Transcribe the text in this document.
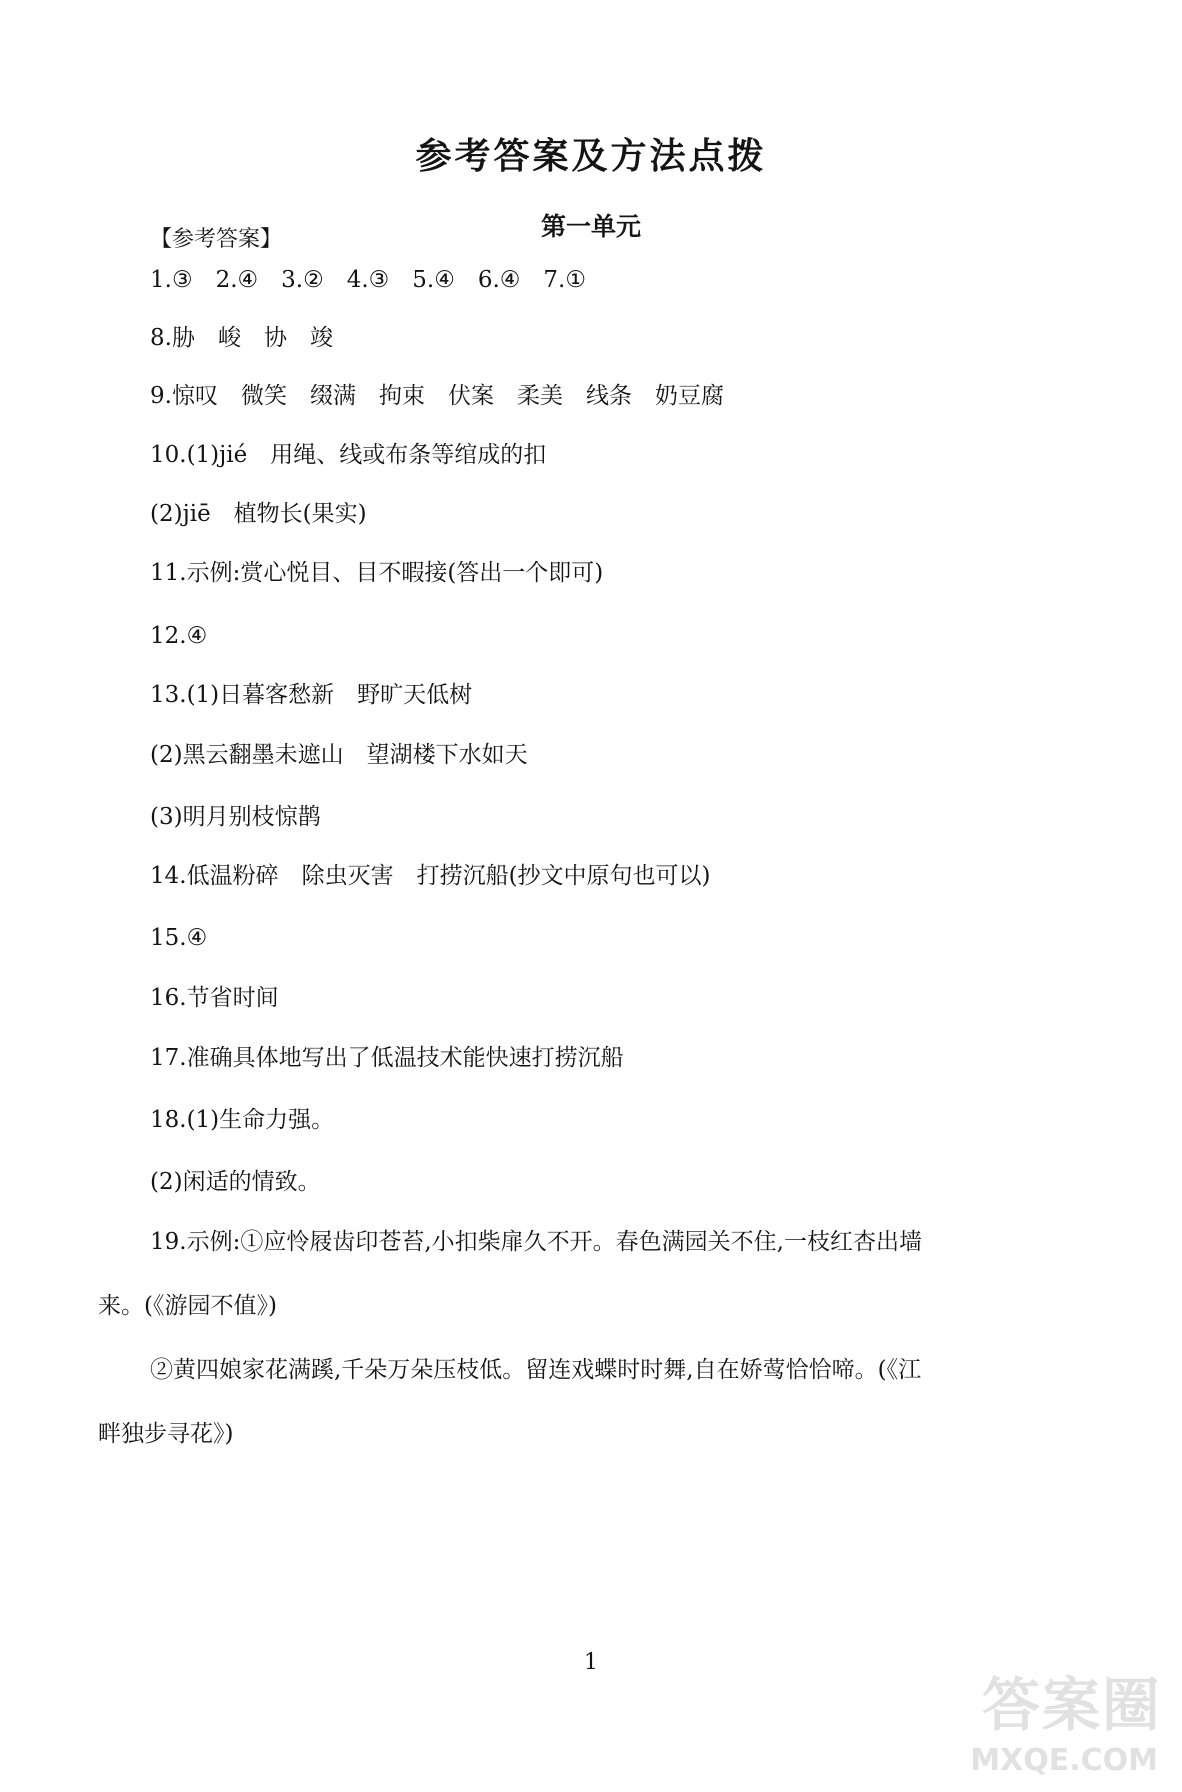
参考答案及方法点拨
第一单元
【参考答案】
1.③　2.④　3.②　4.③　5.④　6.④　7.①
8.胁　峻　协　竣
9.惊叹　微笑　缀满　拘束　伏案　柔美　线条　奶豆腐
10.(1)jié　用绳、线或布条等绾成的扣
(2)jiē　植物长(果实)
11.示例:赏心悦目、目不暇接(答出一个即可)
12.④
13.(1)日暮客愁新　野旷天低树
(2)黑云翻墨未遮山　望湖楼下水如天
(3)明月别枝惊鹊
14.低温粉碎　除虫灭害　打捞沉船(抄文中原句也可以)
15.④
16.节省时间
17.准确具体地写出了低温技术能快速打捞沉船
18.(1)生命力强。
(2)闲适的情致。
19.示例:①应怜屐齿印苍苔,小扣柴扉久不开。春色满园关不住,一枝红杏出墙
来。(《游园不值》)
②黄四娘家花满蹊,千朵万朵压枝低。留连戏蝶时时舞,自在娇莺恰恰啼。(《江
畔独步寻花》)
1
答案圈
MXQE.COM
